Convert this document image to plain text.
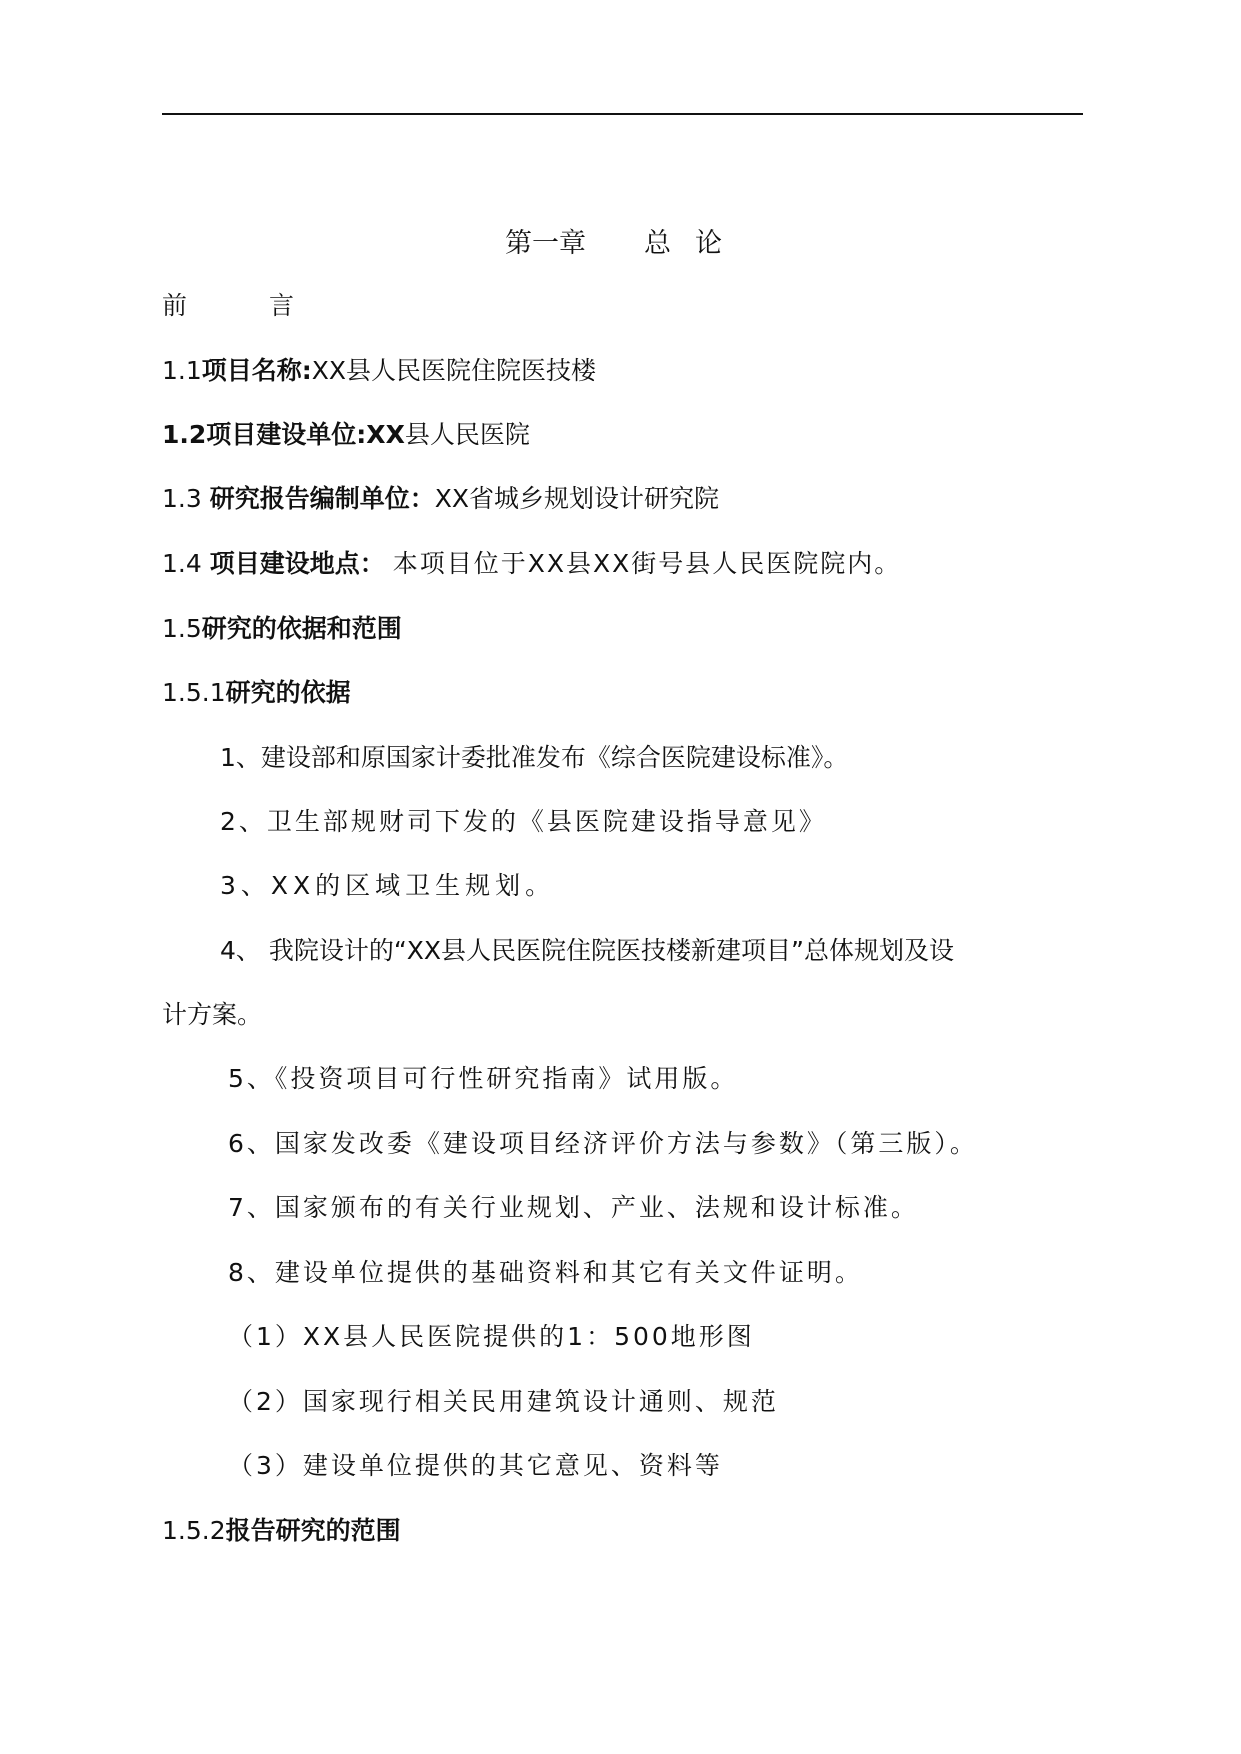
第一章 总 论
前	言
1.1项目名称:XX县人民医院住院医技楼
1.2项目建设单位:XX县人民医院
1.3 研究报告编制单位：XX省城乡规划设计研究院
1.4 项目建设地点： 本项目位于XX县XX街号县人民医院院内。
1.5研究的依据和范围
1.5.1研究的依据
1、建设部和原国家计委批准发布《综合医院建设标准》。
2、卫生部规财司下发的《县医院建设指导意见》
3、XX的区域卫生规划。
4、 我院设计的“XX县人民医院住院医技楼新建项目”总体规划及设
计方案。
5、《投资项目可行性研究指南》试用版。
6、国家发改委《建设项目经济评价方法与参数》（第三版）。
7、国家颁布的有关行业规划、产业、法规和设计标准。
8、建设单位提供的基础资料和其它有关文件证明。
（1）XX县人民医院提供的1：500地形图
（2）国家现行相关民用建筑设计通则、规范
（3）建设单位提供的其它意见、资料等
1.5.2报告研究的范围
